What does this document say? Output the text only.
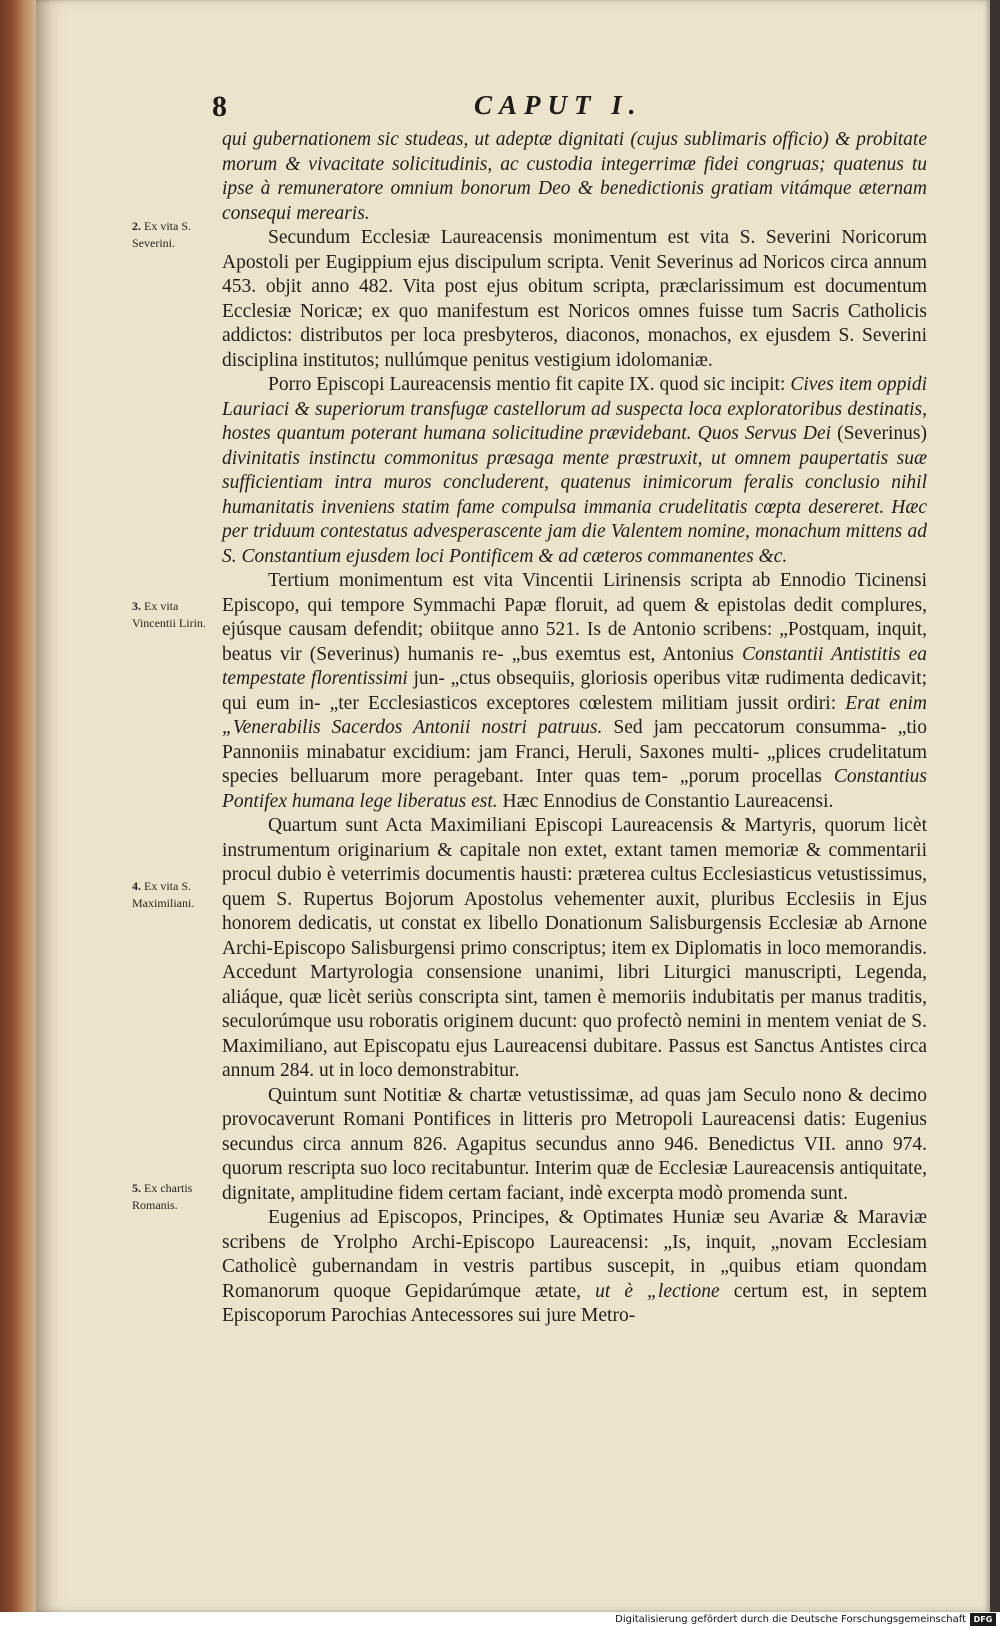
8	CAPUT I.

2. Ex vita S. Severini.

3. Ex vita Vincentii Lirin.

4. Ex vita S. Maximiliani.

5. Ex chartis Romanis.

qui gubernationem sic studeas, ut adeptæ dignitati (cujus sublimaris officio) & probitate morum & vivacitate solicitudinis, ac custodia integerrimæ fidei congruas; quatenus tu ipse à remuneratore omnium bonorum Deo & benedictionis gratiam vitámque æternam consequi merearis.

Secundum Ecclesiæ Laureacensis monimentum est vita S. Severini Noricorum Apostoli per Eugippium ejus discipulum scripta. Venit Severinus ad Noricos circa annum 453. objit anno 482. Vita post ejus obitum scripta, præclarissimum est documentum Ecclesiæ Noricæ; ex quo manifestum est Noricos omnes fuisse tum Sacris Catholicis addictos: distributos per loca presbyteros, diaconos, monachos, ex ejusdem S. Severini disciplina institutos; nullúmque penitus vestigium idolomaniæ.

Porro Episcopi Laureacensis mentio fit capite IX. quod sic incipit: Cives item oppidi Lauriaci & superiorum transfugæ castellorum ad suspecta loca exploratoribus destinatis, hostes quantum poterant humana solicitudine prævidebant. Quos Servus Dei (Severinus) divinitatis instinctu commonitus præsaga mente præstruxit, ut omnem paupertatis suæ sufficientiam intra muros concluderent, quatenus inimicorum feralis conclusio nihil humanitatis inveniens statim fame compulsa immania crudelitatis cœpta desereret. Hæc per triduum contestatus advesperascente jam die Valentem nomine, monachum mittens ad S. Constantium ejusdem loci Pontificem & ad cæteros commanentes &c.

Tertium monimentum est vita Vincentii Lirinensis scripta ab Ennodio Ticinensi Episcopo, qui tempore Symmachi Papæ floruit, ad quem & epistolas dedit complures, ejúsque causam defendit; obiitque anno 521. Is de Antonio scribens: „Postquam, inquit, beatus vir (Severinus) humanis re- „bus exemtus est, Antonius Constantii Antistitis ea tempestate florentissimi jun- „ctus obsequiis, gloriosis operibus vitæ rudimenta dedicavit; qui eum in- „ter Ecclesiasticos exceptores cœlestem militiam jussit ordiri: Erat enim „Venerabilis Sacerdos Antonii nostri patruus. Sed jam peccatorum consumma- „tio Pannoniis minabatur excidium: jam Franci, Heruli, Saxones multi- „plices crudelitatum species belluarum more peragebant. Inter quas tem- „porum procellas Constantius Pontifex humana lege liberatus est. Hæc Ennodius de Constantio Laureacensi.

Quartum sunt Acta Maximiliani Episcopi Laureacensis & Martyris, quorum licèt instrumentum originarium & capitale non extet, extant tamen memoriæ & commentarii procul dubio è veterrimis documentis hausti: præterea cultus Ecclesiasticus vetustissimus, quem S. Rupertus Bojorum Apostolus vehementer auxit, pluribus Ecclesiis in Ejus honorem dedicatis, ut constat ex libello Donationum Salisburgensis Ecclesiæ ab Arnone Archi-Episcopo Salisburgensi primo conscriptus; item ex Diplomatis in loco memorandis. Accedunt Martyrologia consensione unanimi, libri Liturgici manuscripti, Legenda, aliáque, quæ licèt seriùs conscripta sint, tamen è memoriis indubitatis per manus traditis, seculorúmque usu roboratis originem ducunt: quo profectò nemini in mentem veniat de S. Maximiliano, aut Episcopatu ejus Laureacensi dubitare. Passus est Sanctus Antistes circa annum 284. ut in loco demonstrabitur.

Quintum sunt Notitiæ & chartæ vetustissimæ, ad quas jam Seculo nono & decimo provocaverunt Romani Pontifices in litteris pro Metropoli Laureacensi datis: Eugenius secundus circa annum 826. Agapitus secundus anno 946. Benedictus VII. anno 974. quorum rescripta suo loco recitabuntur. Interim quæ de Ecclesiæ Laureacensis antiquitate, dignitate, amplitudine fidem certam faciant, indè excerpta modò promenda sunt.

Eugenius ad Episcopos, Principes, & Optimates Huniæ seu Avariæ & Maraviæ scribens de Yrolpho Archi-Episcopo Laureacensi: „Is, inquit, „novam Ecclesiam Catholicè gubernandam in vestris partibus suscepit, in „quibus etiam quondam Romanorum quoque Gepidarúmque ætate, ut è „lectione certum est, in septem Episcoporum Parochias Antecessores sui jure Metro-

Digitalisierung gefördert durch die Deutsche Forschungsgemeinschaft DFG
